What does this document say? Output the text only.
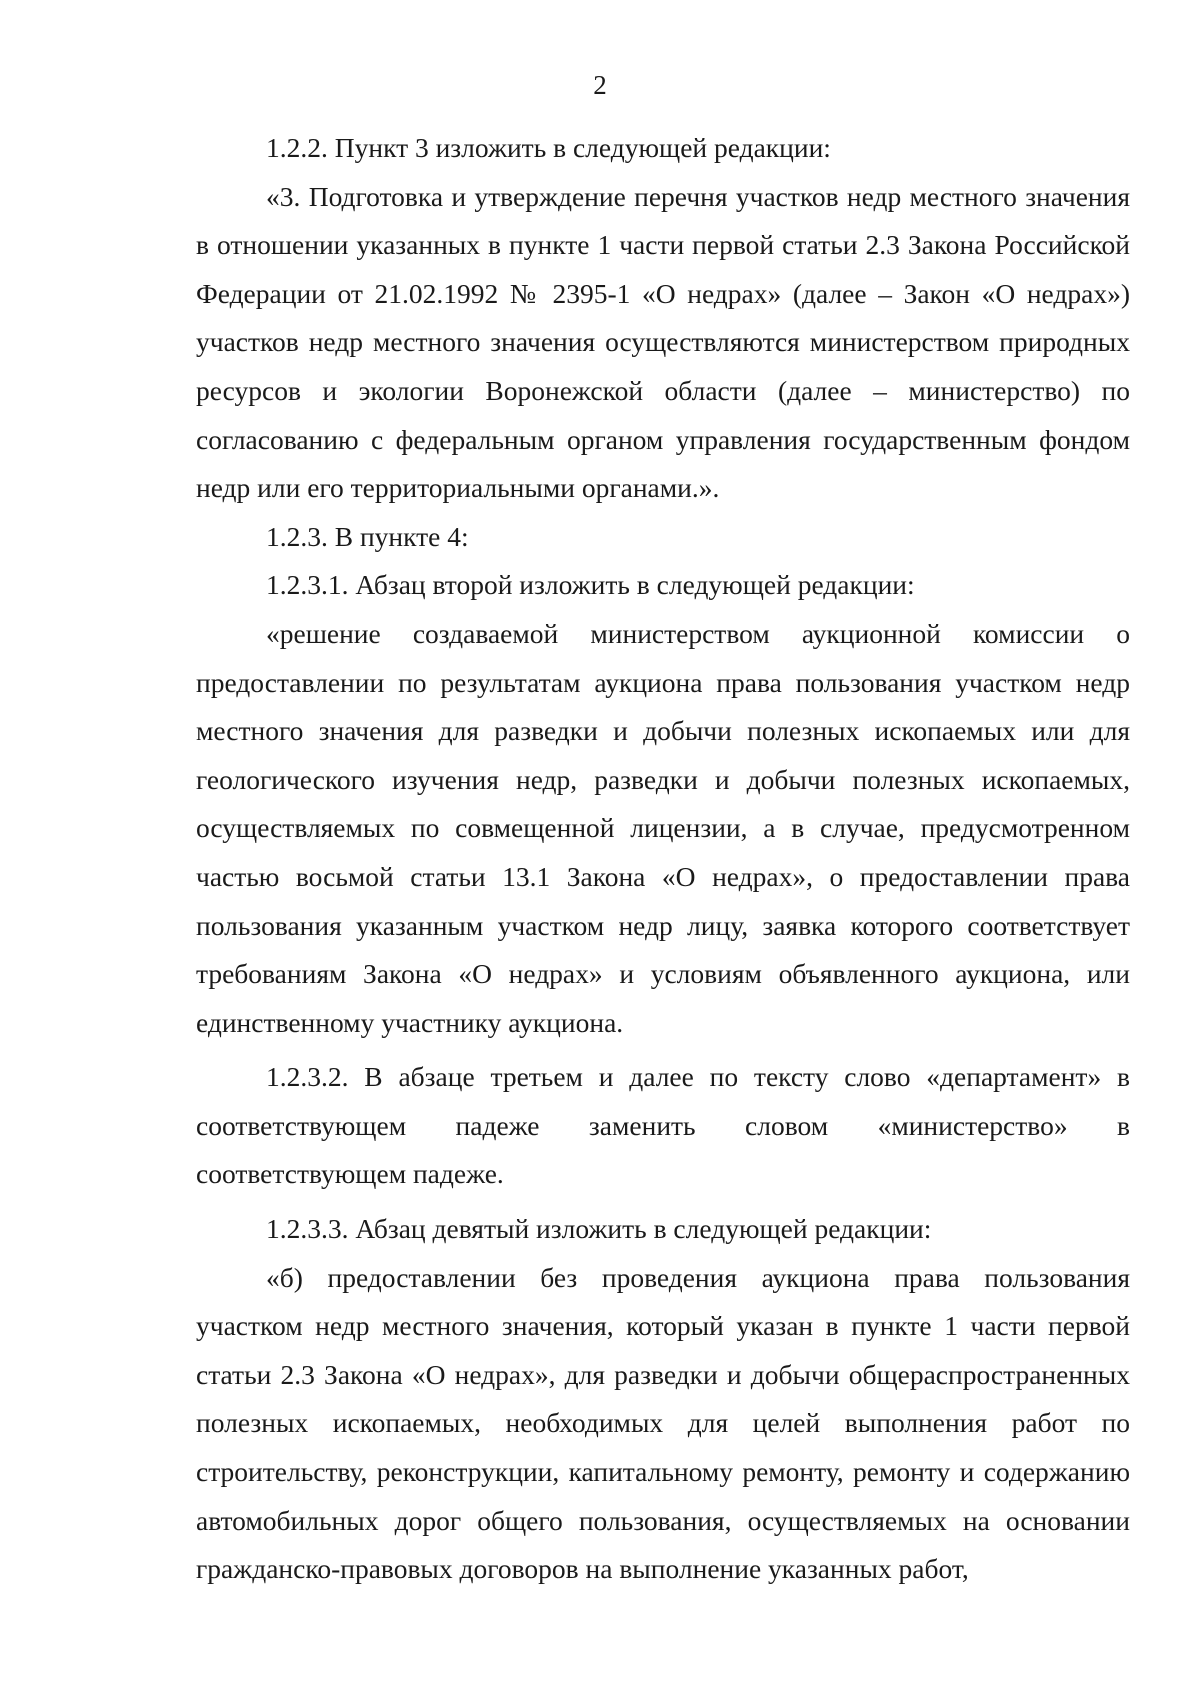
2

1.2.2. Пункт 3 изложить в следующей редакции:

«3. Подготовка и утверждение перечня участков недр местного значения в отношении указанных в пункте 1 части первой статьи 2.3 Закона Российской Федерации от 21.02.1992 № 2395-1 «О недрах» (далее – Закон «О недрах») участков недр местного значения осуществляются министерством природных ресурсов и экологии Воронежской области (далее – министерство) по согласованию с федеральным органом управления государственным фондом недр или его территориальными органами.».

1.2.3. В пункте 4:

1.2.3.1. Абзац второй изложить в следующей редакции:

«решение создаваемой министерством аукционной комиссии о предоставлении по результатам аукциона права пользования участком недр местного значения для разведки и добычи полезных ископаемых или для геологического изучения недр, разведки и добычи полезных ископаемых, осуществляемых по совмещенной лицензии, а в случае, предусмотренном частью восьмой статьи 13.1 Закона «О недрах», о предоставлении права пользования указанным участком недр лицу, заявка которого соответствует требованиям Закона «О недрах» и условиям объявленного аукциона, или единственному участнику аукциона.

1.2.3.2. В абзаце третьем и далее по тексту слово «департамент» в соответствующем падеже заменить словом «министерство» в соответствующем падеже.

1.2.3.3. Абзац девятый изложить в следующей редакции:

«б) предоставлении без проведения аукциона права пользования участком недр местного значения, который указан в пункте 1 части первой статьи 2.3 Закона «О недрах», для разведки и добычи общераспространенных полезных ископаемых, необходимых для целей выполнения работ по строительству, реконструкции, капитальному ремонту, ремонту и содержанию автомобильных дорог общего пользования, осуществляемых на основании гражданско-правовых договоров на выполнение указанных работ,
